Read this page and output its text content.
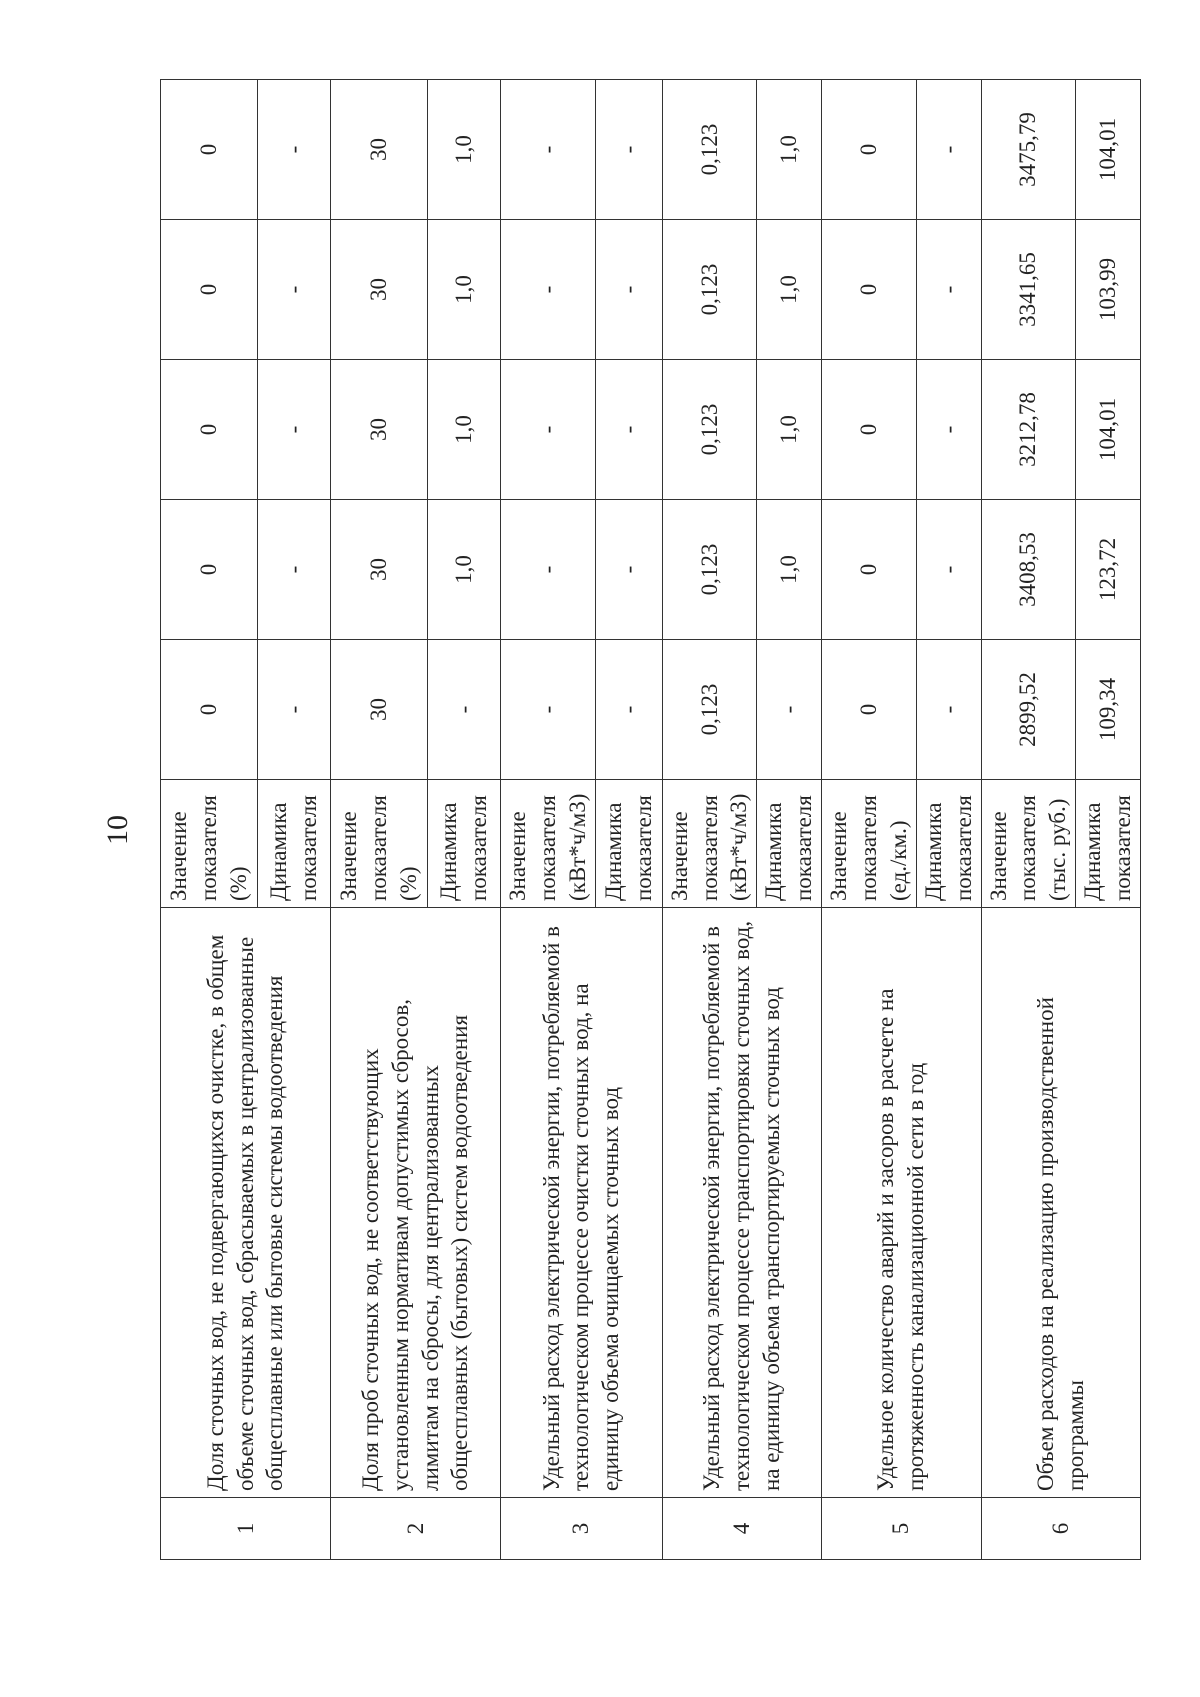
10
1	Доля сточных вод, не подвергающихся очистке, в общем объеме сточных вод, сбрасываемых в централизованные общесплавные или бытовые системы водоотведения	Значение показателя (%)	0	0	0	0	0
		Динамика показателя	-	-	-	-	-
2	Доля проб сточных вод, не соответствующих установленным нормативам допустимых сбросов, лимитам на сбросы, для централизованных общесплавных (бытовых) систем водоотведения	Значение показателя (%)	30	30	30	30	30
		Динамика показателя	-	1,0	1,0	1,0	1,0
3	Удельный расход электрической энергии, потребляемой в технологическом процессе очистки сточных вод, на единицу объема очищаемых сточных вод	Значение показателя (кВт*ч/м3)	-	-	-	-	-
		Динамика показателя	-	-	-	-	-
4	Удельный расход электрической энергии, потребляемой в технологическом процессе транспортировки сточных вод, на единицу объема транспортируемых сточных вод	Значение показателя (кВт*ч/м3)	0,123	0,123	0,123	0,123	0,123
		Динамика показателя	-	1,0	1,0	1,0	1,0
5	Удельное количество аварий и засоров в расчете на протяженность канализационной сети в год	Значение показателя (ед./км.)	0	0	0	0	0
		Динамика показателя	-	-	-	-	-
6	Объем расходов на реализацию производственной программы	Значение показателя (тыс. руб.)	2899,52	3408,53	3212,78	3341,65	3475,79
		Динамика показателя	109,34	123,72	104,01	103,99	104,01
